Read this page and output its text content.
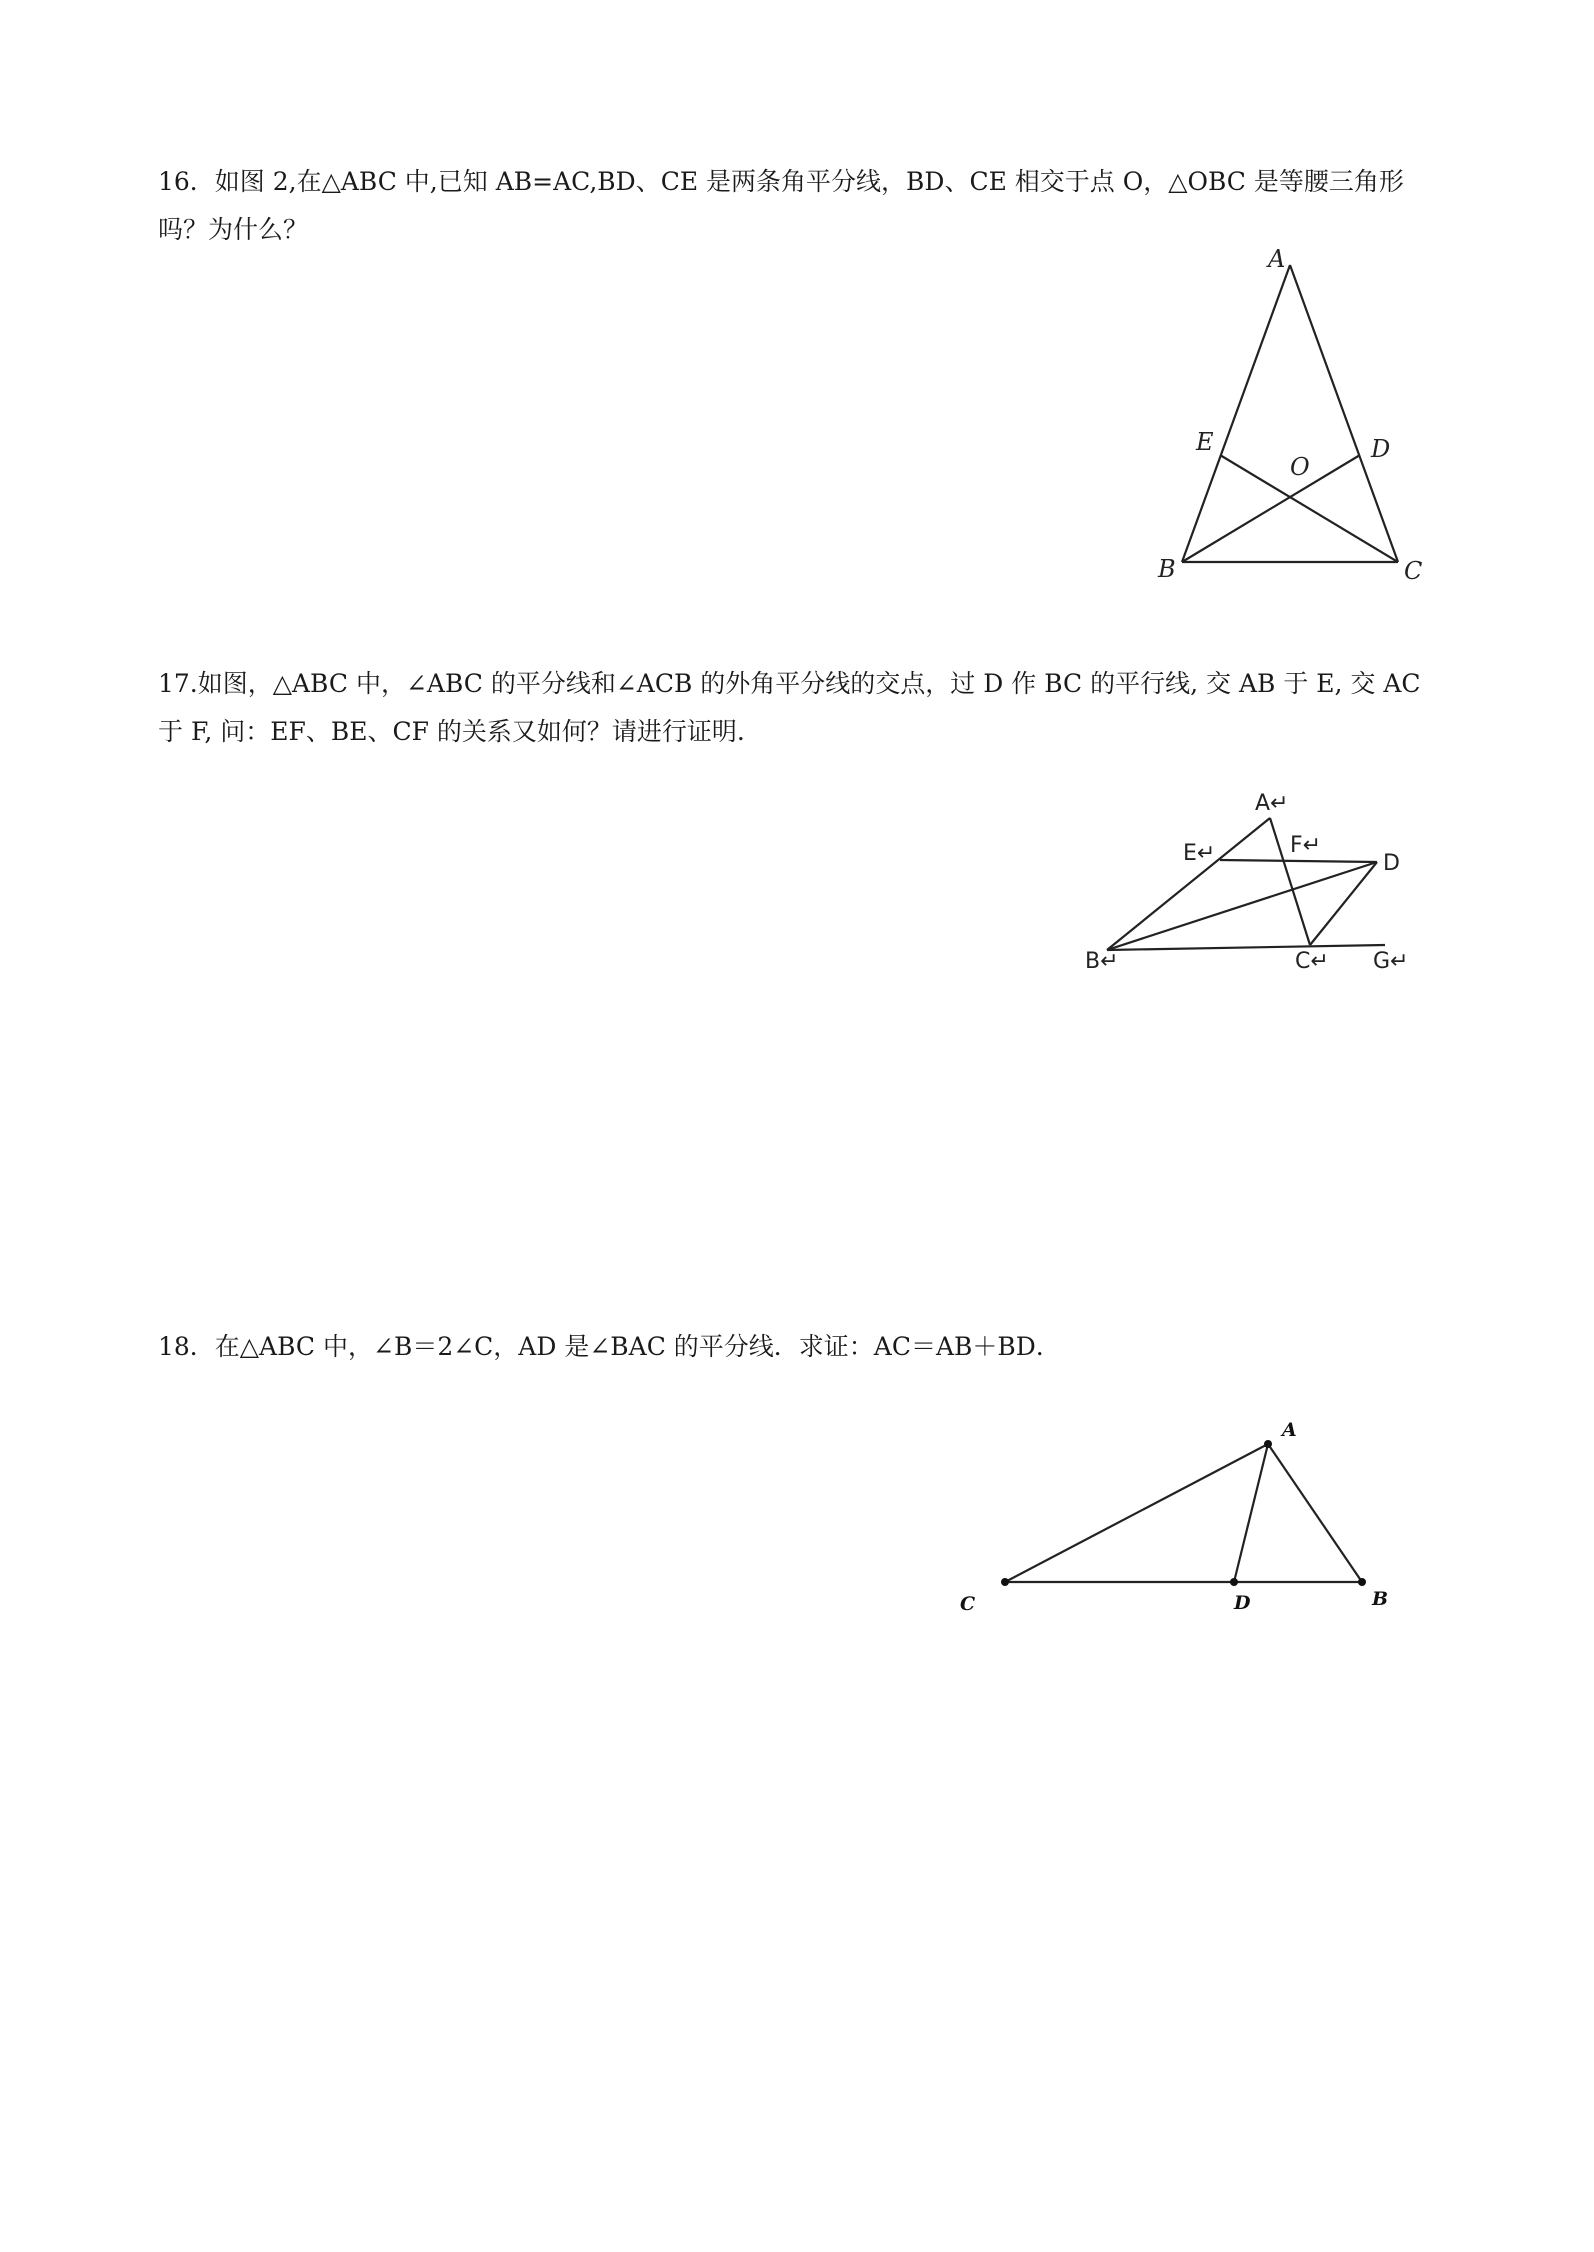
16．如图 2,在△ABC 中,已知 AB=AC,BD、CE 是两条角平分线，BD、CE 相交于点 O，△OBC 是等腰三角形吗？为什么？

A
E	D
O
B	C

17.如图，△ABC 中，∠ABC 的平分线和∠ACB 的外角平分线的交点，过 D 作 BC 的平行线, 交 AB 于 E, 交 AC 于 F, 问：EF、BE、CF 的关系又如何？请进行证明.

A↵
E↵	F↵
D
B↵	C↵ G↵

18．在△ABC 中，∠B＝2∠C，AD 是∠BAC 的平分线．求证：AC＝AB＋BD．

A
C	D	B
